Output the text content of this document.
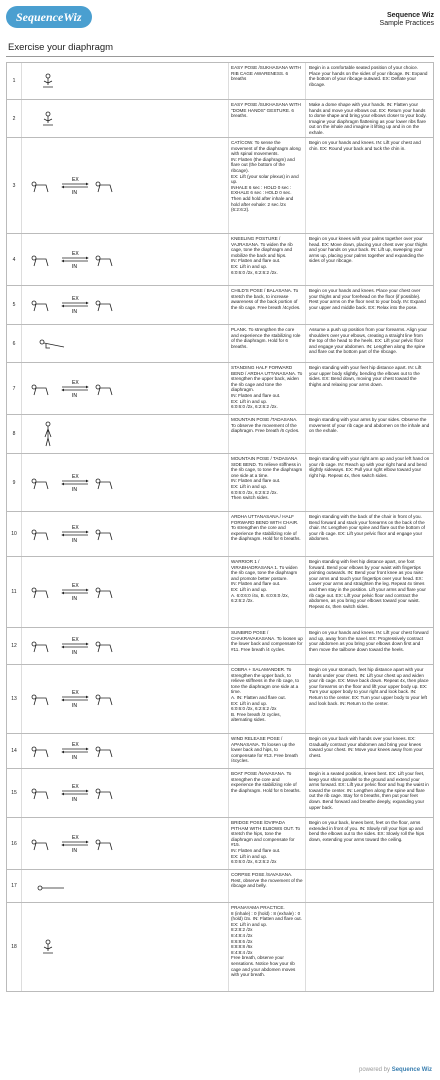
SequenceWiz	Sequence Wiz
Sample Practices
Exercise your diaphragm
1
EASY POSE /SUKHASANA WITH RIB CAGE AWARENESS. 6 breaths
Begin in a comfortable seated position of your choice. Place your hands on the sides of your ribcage. IN: Expand the bottom of your ribcage outward. EX: Deflate your ribcage.
2
EASY POSE /SUKHASANA WITH "DOME HANDS" GESTURE. 6 breaths.
Make a dome shape with your hands. IN: Flatten your hands and move your elbows out. EX: Return your hands to dome shape and bring your elbows closer to your body. Imagine your diaphragm flattening as your lower ribs flare out on the inhale and imagine it lifting up and in on the exhale.
3
EX
IN
CAT/COW. To sense the movement of the diaphragm along with spinal movements.
IN: Flatten (the diaphragm) and flare out (the bottom of the ribcage).
EX: Lift (your solar plexus) in and up.
INHALE 6 sec : HOLD 0 sec : EXHALE 6 sec : HOLD 0 sec. Then add hold after inhale and hold after exhale: 2 sec /2x (6:2:6:2).
Begin on your hands and knees. IN: Lift your chest and chin. EX: Round your back and tuck the chin in.
4
EX
IN
KNEELING POSTURE / VAJRASANA. To widen the rib cage, tone the diaphragm and mobilize the back and hips.
IN: Flatten and flare out.
EX: Lift in and up.
6:0:6:0 /2x, 6:2:6:2 /2x.
Begin on your knees with your palms together over your head. EX: Move down, placing your chest over your thighs and your hands on your back. IN: Lift up, sweeping your arms up, placing your palms together and expanding the sides of your ribcage.
5
EX
IN
CHILD'S POSE / BALASANA. To stretch the back, to increase awareness of the back portion of the rib cage. Free breath /4cycles.
Begin on your hands and knees. Place your chest over your thighs and your forehead on the floor (if possible). Rest your arms on the floor next to your body. IN: Expand your upper and middle back. EX: Relax into the pose.
6
PLANK. To strengthen the core and experience the stabilizing role of the diaphragm. Hold for 6 breaths.
Assume a push up position from your forearms. Align your shoulders over your elbows, creating a straight line from the top of the head to the heels. EX: Lift your pelvic floor and engage your abdomen. IN: Lengthen along the spine and flare out the bottom part of the ribcage.
7
EX
IN
STANDING HALF FORWARD BEND / ARDHA UTTANASANA. To strengthen the upper back, widen the rib cage and tone the diaphragm.
IN: Flatten and flare out.
EX: Lift in and up.
6:0:6:0 /2x, 6:2:6:2 /2x.
Begin standing with your feet hip distance apart. IN: Lift your upper body slightly, bending the elbows out to the sides. EX: Bend down, moving your chest toward the thighs and relaxing your arms down.
8
MOUNTAIN POSE /TADASANA. To observe the movement of the diaphragm. Free breath /6 cycles.
Begin standing with your arms by your sides. Observe the movement of your rib cage and abdomen on the inhale and on the exhale.
9
EX
IN
MOUNTAIN POSE / TADASANA SIDE BEND. To relieve stiffness in the rib cage, to tone the diaphragm one side at a time.
IN: Flatten and flare out.
EX: Lift in and up.
6:0:6:0 /2x, 6:2:6:2 /2x.
Then switch sides.
Begin standing with your right arm up and your left hand on your rib cage. IN: Reach up with your right hand and bend slightly sideways. EX: Pull your right elbow toward your right hip. Repeat 4x, then switch sides.
10
EX
IN
ARDHA UTTANASANA / HALF FORWARD BEND WITH CHAIR. To strengthen the core and experience the stabilizing role of the diaphragm. Hold for 6 breaths.
Begin standing with the back of the chair in front of you. Bend forward and stack your forearms on the back of the chair. IN: Lengthen your spine and flare out the bottom of your rib cage. EX: Lift your pelvic floor and engage your abdomen.
11
EX
IN
WARRIOR 1 / VIRABHADRASANA 1. To widen the rib cage, tone the diaphragm and promote better posture.
IN: Flatten and flare out.
EX: Lift in and up.
A. 6:0:6:0 /4x, B. 6:0:6:0 /2x, 6:2:6:2 /2x.
Begin standing with feet hip distance apart, one foot forward. Bend your elbows by your waist with fingertips pointing outwards. IN: Bend your front knee as you raise your arms and touch your fingertips over your head. EX: Lower your arms and straighten the leg. Repeat 4x times and then stay in the position. Lift your arms and flare your rib cage out. EX: Lift your pelvic floor and contract the abdomen, as you bring your elbows toward your waist. Repeat 4x, then switch sides.
12
EX
IN
SUNBIRD POSE / CHAKRAVAKASANA. To loosen up the lower back and compensate for #11. Free breath /4 cycles.
Begin on your hands and knees. IN: Lift your chest forward and up, away from the navel. EX: Progressively contract your abdomen as you bring your elbows down first and then move the tailbone down toward the heels.
13
EX
IN
COBRA + SALAMANDER. To strengthen the upper back, to relieve stiffness in the rib cage, to tone the diaphragm one side at a time.
A. IN: Flatten and flare out.
EX: Lift in and up.
6:0:6:0 /2x, 6:2:6:2 /2x
B. Free breath /2 cycles, alternating sides.
Begin on your stomach, feet hip distance apart with your hands under your chest. IN: Lift your chest up and widen your rib cage. EX: Move back down. Repeat 4x, then place your forearms on the floor and lift your upper body up. EX: Turn your upper body to your right and look back. IN: Return to the center. EX: Turn your upper body to your left and look back. IN: Return to the center.
14
EX
IN
WIND RELEASE POSE / APANASANA. To loosen up the lower back and hips, to compensate for #13. Free breath /4cycles.
Begin on your back with hands over your knees. EX: Gradually contract your abdomen and bring your knees toward your chest. IN: Move your knees away from your chest.
15
EX
IN
BOAT POSE /NAVASANA. To strengthen the core and experience the stabilizing role of the diaphragm. Hold for 6 breaths.
Begin is a seated position, knees bent. EX: Lift your feet, keep your shins parallel to the ground and extend your arms forward. EX: Lift your pelvic floor and hug the waist in toward the center. IN: Lengthen along the spine and flare out the rib cage. Stay for 6 breaths, then put your feet down. Bend forward and breathe deeply, expanding your upper back.
16
EX
IN
BRIDGE POSE /DVIPADA PITHAM WITH ELBOWS OUT. To stretch the hips, tone the diaphragm and compensate for #15.
IN: Flatten and flare out.
EX: Lift in and up.
6:0:6:0 /2x, 6:2:6:2 /2x
Begin on your back, knees bent, feet on the floor, arms extended in front of you. IN: Slowly roll your hips up and bend the elbows out to the sides. EX: Slowly roll the hips down, extending your arms toward the ceiling.
17
CORPSE POSE /SAVASANA. Rest, observe the movement of the ribcage and belly.
18
PRANAYAMA PRACTICE.
8 (inhale) : 0 (hold) : 8 (exhale) : 0 (hold) /2x. IN: Flatten and flare out. EX: Lift in and up.
8:2:8:2 /2x
8:4:8:4 /2x
8:6:8:6 /2x
8:8:8:8 /6x
8:4:8:4 /2x
Free breath, observe your sensations. Notice how your rib cage and your abdomen moves with your breath.
powered by Sequence Wiz
